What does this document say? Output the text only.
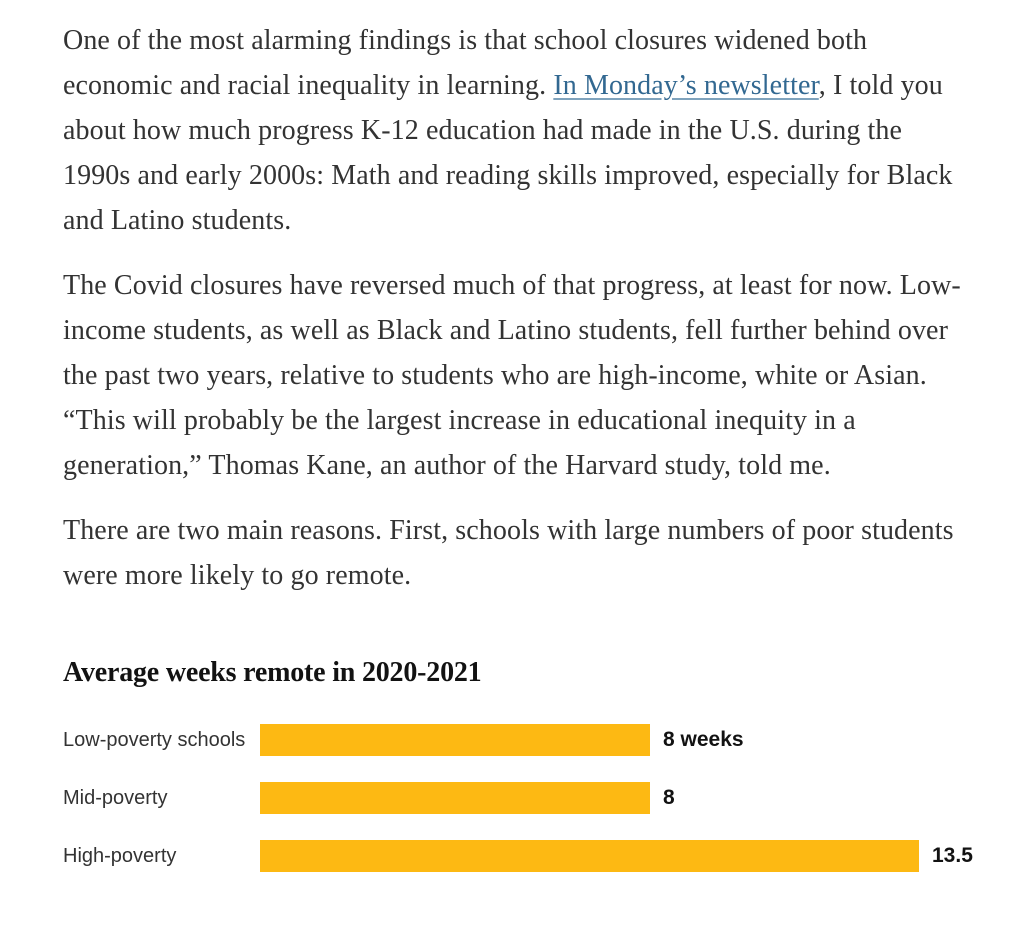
One of the most alarming findings is that school closures widened both economic and racial inequality in learning. In Monday’s newsletter, I told you about how much progress K-12 education had made in the U.S. during the 1990s and early 2000s: Math and reading skills improved, especially for Black and Latino students.

The Covid closures have reversed much of that progress, at least for now. Low-income students, as well as Black and Latino students, fell further behind over the past two years, relative to students who are high-income, white or Asian. “This will probably be the largest increase in educational inequity in a generation,” Thomas Kane, an author of the Harvard study, told me.

There are two main reasons. First, schools with large numbers of poor students were more likely to go remote.

Average weeks remote in 2020-2021
Low-poverty schools	8 weeks
Mid-poverty	8
High-poverty	13.5
